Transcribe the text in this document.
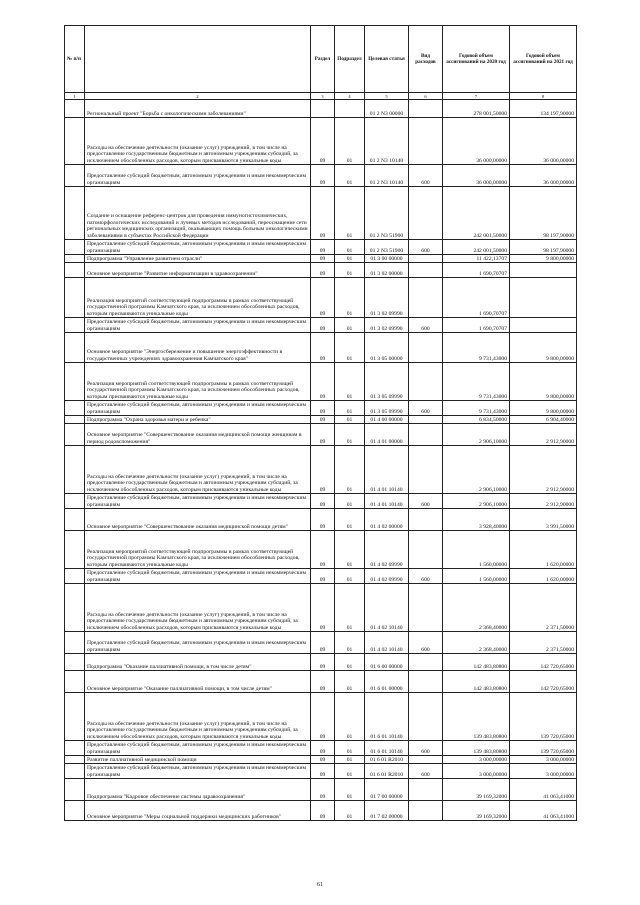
№ п/п		Раздел	Подраздел	Целевая статья	Вид расходов	Годовой объем ассигнований на 2020 год	Годовой объем ассигнований на 2021 год
1	2	3	4	5	6	7	8
	Региональный проект "Борьба с онкологическими заболеваниями"			01 2 N3 00000		278 001,50000	134 197,90000
	Расходы на обеспечение деятельности (оказание услуг) учреждений, в том числе на предоставление государственным бюджетным и автономным учреждениям субсидий, за исключением обособленных расходов, которым присваиваются уникальные коды	09	01	01 2 N3 10140		36 000,00000	36 000,00000
	Предоставление субсидий бюджетным, автономным учреждениям и иным некоммерческим организациям	09	01	01 2 N3 10140	600	36 000,00000	36 000,00000
	Создание и оснащение референс-центров для проведения иммуногистохимических, патоморфологических исследований и лучевых методов исследований, переоснащение сети региональных медицинских организаций, оказывающих помощь больным онкологическими заболеваниями в субъектах Российской Федерации	09	01	01 2 N3 51900		242 001,50000	98 197,90000
	Предоставление субсидий бюджетным, автономным учреждениям и иным некоммерческим организациям	09	01	01 2 N3 51900	600	242 001,50000	98 197,90000
	Подпрограмма "Управление развитием отрасли"	09	01	01 3 00 00000		11 422,13707	9 800,00000
	Основное мероприятие "Развитие информатизации в здравоохранении"	09	01	01 3 02 00000		1 690,70707	
	Реализация мероприятий соответствующей подпрограммы в рамках соответствующей государственной программы Камчатского края, за исключением обособленных расходов, которым присваиваются уникальные коды	09	01	01 3 02 09990		1 690,70707	
	Предоставление субсидий бюджетным, автономным учреждениям и иным некоммерческим организациям	09	01	01 3 02 09990	600	1 690,70707	
	Основное мероприятие "Энергосбережение и повышение энергоэффективности в государственных учреждениях здравоохранения Камчатского края"	09	01	01 3 05 00000		9 731,43000	9 800,00000
	Реализация мероприятий соответствующей подпрограммы в рамках соответствующей государственной программы Камчатского края, за исключением обособленных расходов, которым присваиваются уникальные коды	09	01	01 3 05 09990		9 731,43000	9 800,00000
	Предоставление субсидий бюджетным, автономным учреждениям и иным некоммерческим организациям	09	01	01 3 05 09990	600	9 731,43000	9 800,00000
	Подпрограмма "Охрана здоровья матери и ребенка"	09	01	01 4 00 00000		6 834,50000	6 904,40000
	Основное мероприятие "Совершенствование оказания медицинской помощи женщинам в период родовспоможения"	09	01	01 4 01 00000		2 906,10000	2 912,90000
	Расходы на обеспечение деятельности (оказание услуг) учреждений, в том числе на предоставление государственным бюджетным и автономным учреждениям субсидий, за исключением обособленных расходов, которым присваиваются уникальные коды	09	01	01 4 01 10140		2 906,10000	2 912,90000
	Предоставление субсидий бюджетным, автономным учреждениям и иным некоммерческим организациям	09	01	01 4 01 10140	600	2 906,10000	2 912,90000
	Основное мероприятие "Совершенствование оказания медицинской помощи детям"	09	01	01 4 02 00000		3 928,40000	3 991,50000
	Реализация мероприятий соответствующей подпрограммы в рамках соответствующей государственной программы Камчатского края, за исключением обособленных расходов, которым присваиваются уникальные коды	09	01	01 4 02 09990		1 560,00000	1 620,00000
	Предоставление субсидий бюджетным, автономным учреждениям и иным некоммерческим организациям	09	01	01 4 02 09990	600	1 560,00000	1 620,00000
	Расходы на обеспечение деятельности (оказание услуг) учреждений, в том числе на предоставление государственным бюджетным и автономным учреждениям субсидий, за исключением обособленных расходов, которым присваиваются уникальные коды	09	01	01 4 02 10140		2 368,40000	2 371,50000
	Предоставление субсидий бюджетным, автономным учреждениям и иным некоммерческим организациям	09	01	01 4 02 10140	600	2 368,40000	2 371,50000
	Подпрограмма "Оказание паллиативной помощи, в том числе детям"	09	01	01 6 00 00000		142 483,80800	142 720,65000
	Основное мероприятие "Оказание паллиативной помощи, в том числе детям"	09	01	01 6 01 00000		142 483,80800	142 720,65000
	Расходы на обеспечение деятельности (оказание услуг) учреждений, в том числе на предоставление государственным бюджетным и автономным учреждениям субсидий, за исключением обособленных расходов, которым присваиваются уникальные коды	09	01	01 6 01 10140		139 483,80800	139 720,65000
	Предоставление субсидий бюджетным, автономным учреждениям и иным некоммерческим организациям	09	01	01 6 01 10140	600	139 483,80800	139 720,65000
	Развитие паллиативной медицинской помощи	09	01	01 6 01 R2010		3 000,00000	3 000,00000
	Предоставление субсидий бюджетным, автономным учреждениям и иным некоммерческим организациям	09	01	01 6 01 R2010	600	3 000,00000	3 000,00000
	Подпрограмма "Кадровое обеспечение системы здравоохранения"	09	01	01 7 00 00000		39 169,32000	41 063,41000
	Основное мероприятие "Меры социальной поддержки медицинских работников"	09	01	01 7 02 00000		39 169,32000	41 063,41000
61
